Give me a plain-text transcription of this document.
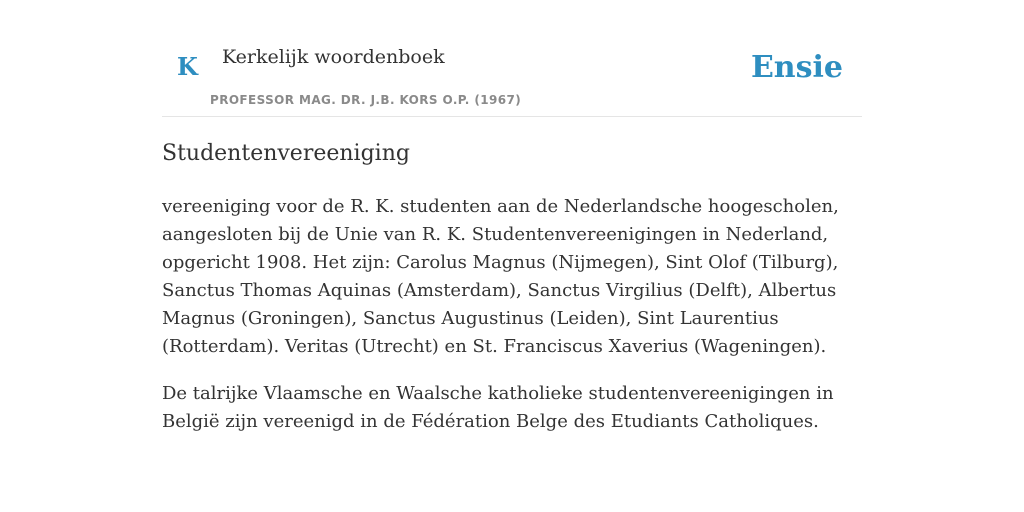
K Kerkelijk woordenboek
PROFESSOR MAG. DR. J.B. KORS O.P. (1967)
Ensie
Studentenvereeniging

vereeniging voor de R. K. studenten aan de Nederlandsche hoogescholen, aangesloten bij de Unie van R. K. Studentenvereenigingen in Nederland, opgericht 1908. Het zijn: Carolus Magnus (Nijmegen), Sint Olof (Tilburg), Sanctus Thomas Aquinas (Amsterdam), Sanctus Virgilius (Delft), Albertus Magnus (Groningen), Sanctus Augustinus (Leiden), Sint Laurentius (Rotterdam). Veritas (Utrecht) en St. Franciscus Xaverius (Wageningen).

De talrijke Vlaamsche en Waalsche katholieke studentenvereenigingen in België zijn vereenigd in de Fédération Belge des Etudiants Catholiques.
